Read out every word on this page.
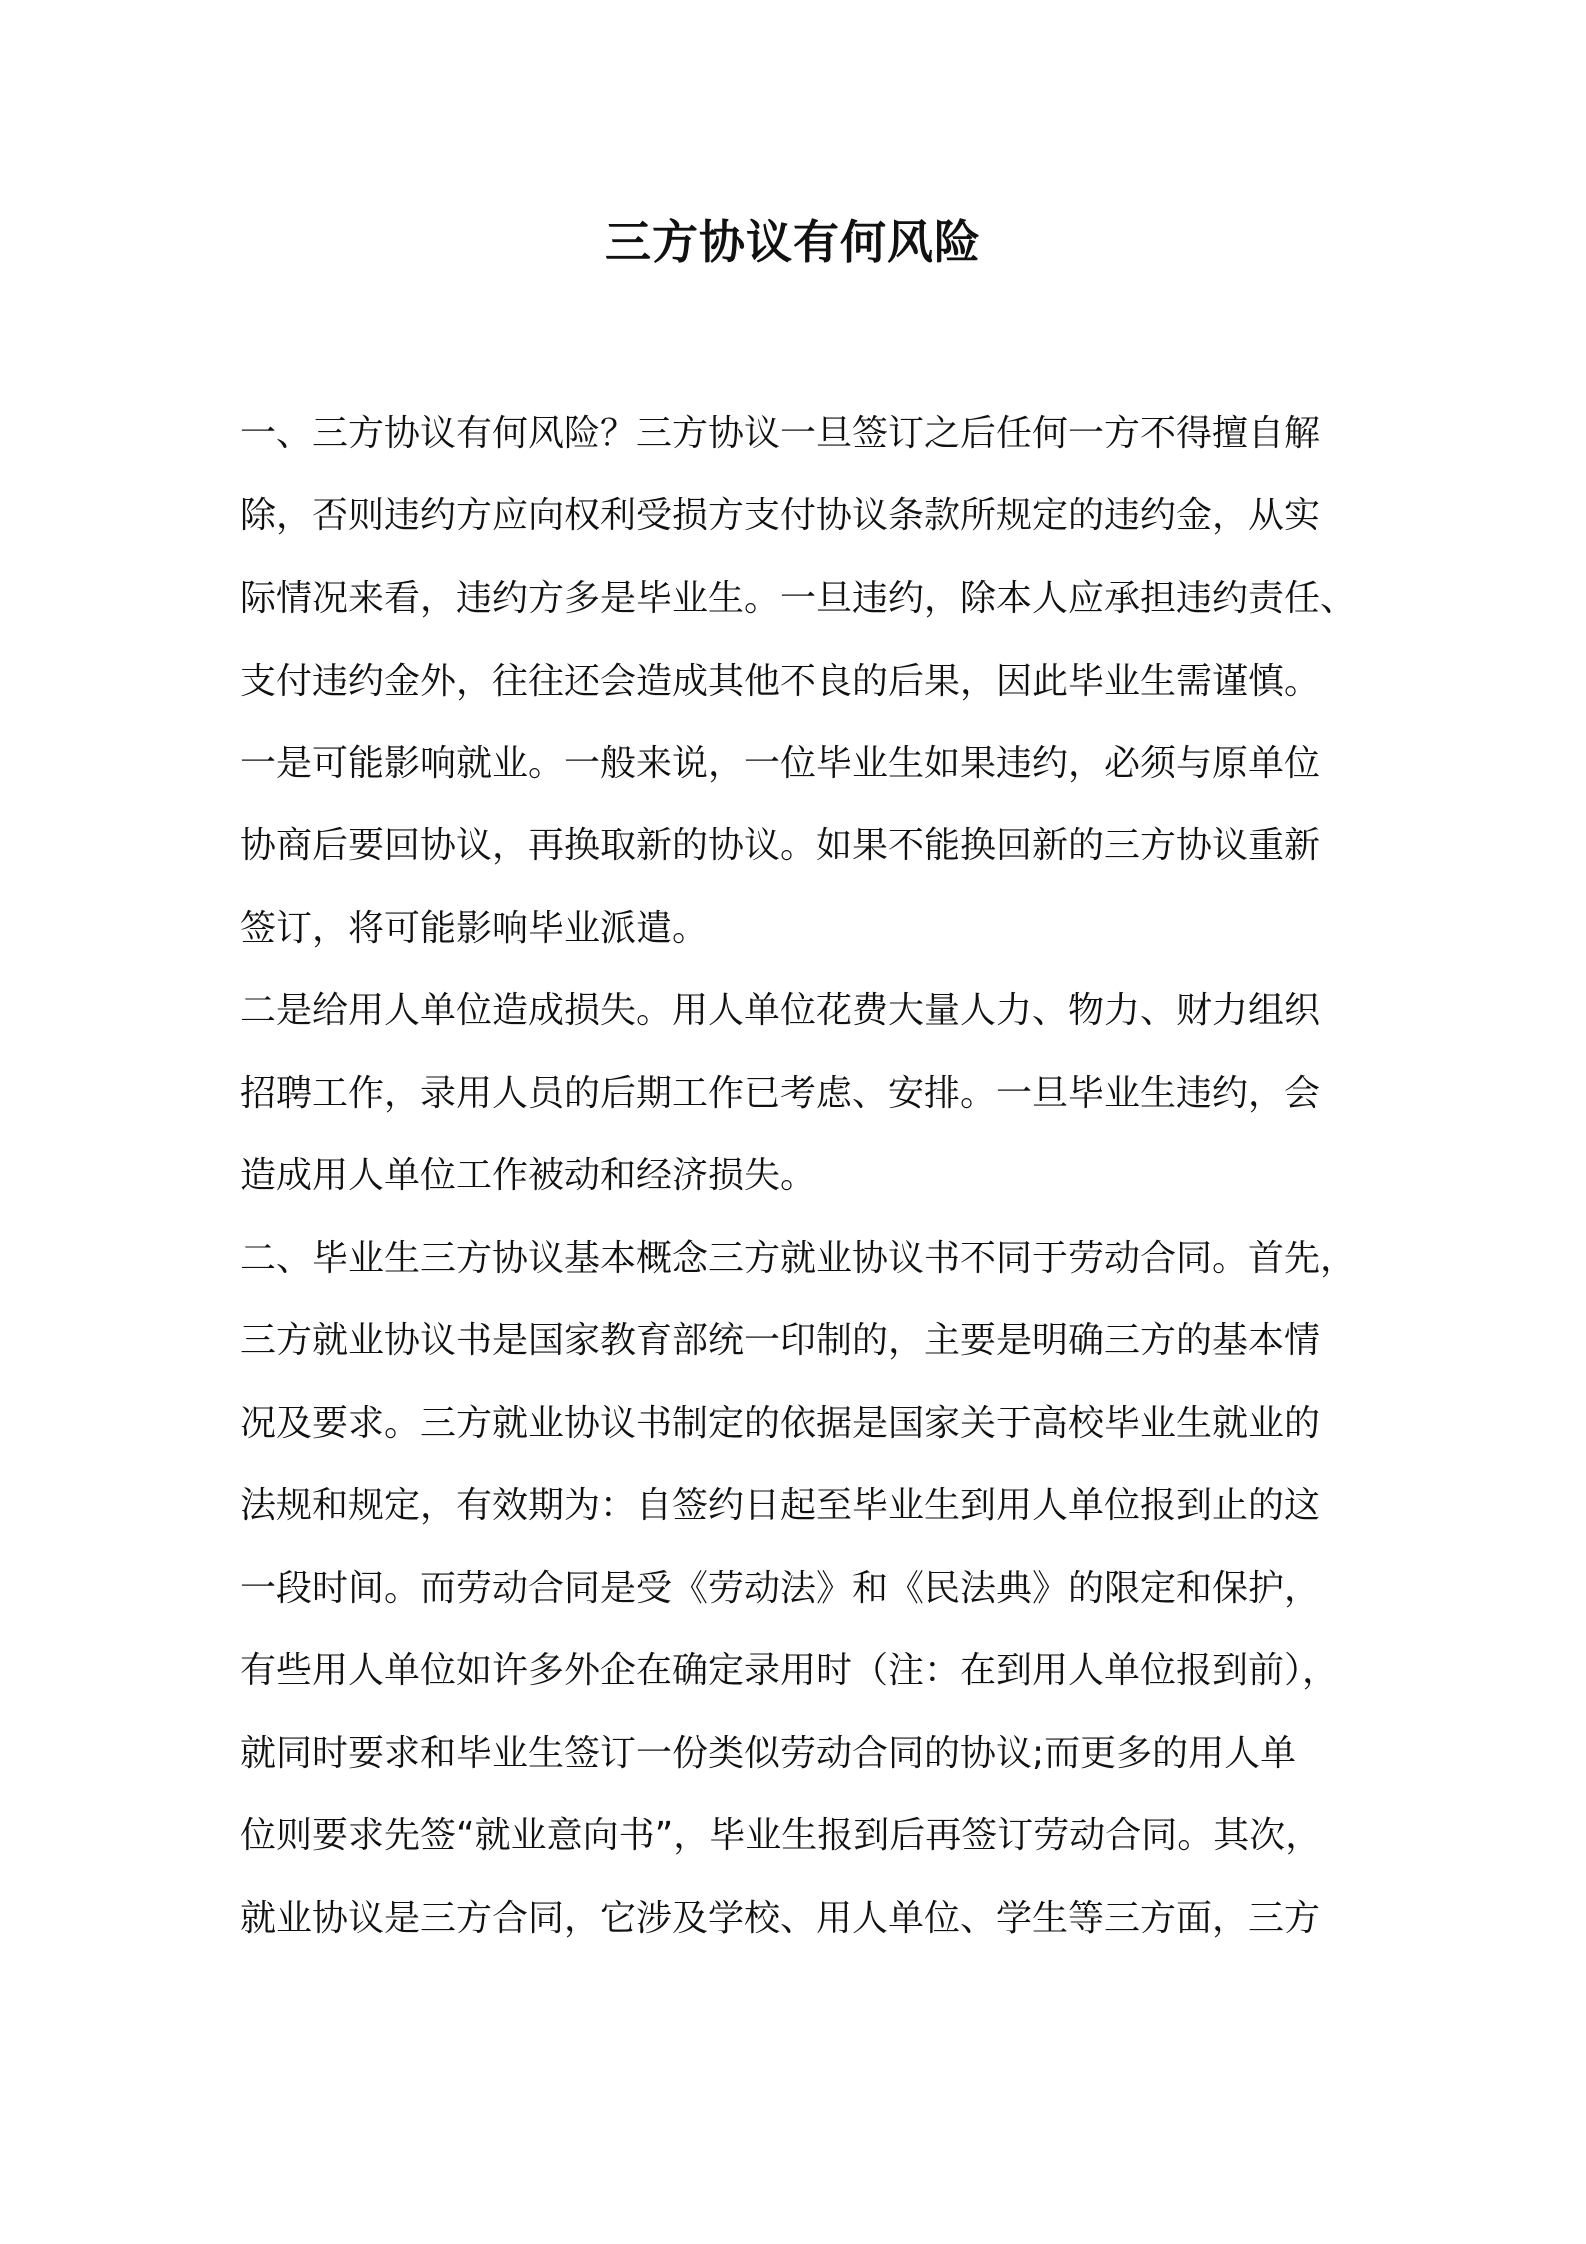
三方协议有何风险
一、三方协议有何风险？三方协议一旦签订之后任何一方不得擅自解
除，否则违约方应向权利受损方支付协议条款所规定的违约金，从实
际情况来看，违约方多是毕业生。一旦违约，除本人应承担违约责任、
支付违约金外，往往还会造成其他不良的后果，因此毕业生需谨慎。
一是可能影响就业。一般来说，一位毕业生如果违约，必须与原单位
协商后要回协议，再换取新的协议。如果不能换回新的三方协议重新
签订，将可能影响毕业派遣。
二是给用人单位造成损失。用人单位花费大量人力、物力、财力组织
招聘工作，录用人员的后期工作已考虑、安排。一旦毕业生违约，会
造成用人单位工作被动和经济损失。
二、毕业生三方协议基本概念三方就业协议书不同于劳动合同。首先，
三方就业协议书是国家教育部统一印制的，主要是明确三方的基本情
况及要求。三方就业协议书制定的依据是国家关于高校毕业生就业的
法规和规定，有效期为：自签约日起至毕业生到用人单位报到止的这
一段时间。而劳动合同是受《劳动法》和《民法典》的限定和保护，
有些用人单位如许多外企在确定录用时（注：在到用人单位报到前），
就同时要求和毕业生签订一份类似劳动合同的协议;而更多的用人单
位则要求先签“就业意向书”，毕业生报到后再签订劳动合同。其次，
就业协议是三方合同，它涉及学校、用人单位、学生等三方面，三方
